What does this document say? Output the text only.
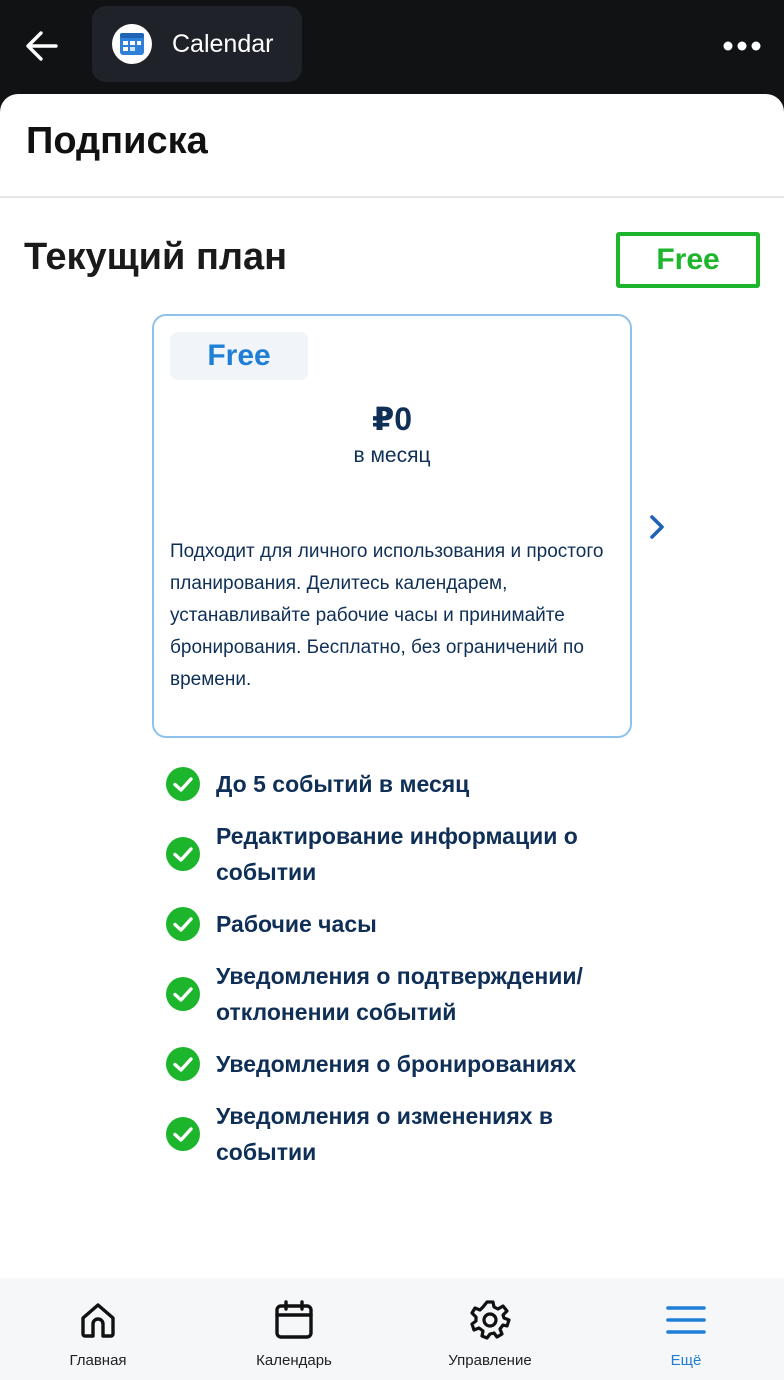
Calendar
Подписка
Текущий план	Free
Free
₽0
в месяц

Подходит для личного использования и простого планирования. Делитесь календарем, устанавливайте рабочие часы и принимайте бронирования. Бесплатно, без ограничений по времени.

До 5 событий в месяц
Редактирование информации о событии
Рабочие часы
Уведомления о подтверждении/ отклонении событий
Уведомления о бронированиях
Уведомления о изменениях в событии
Главная	Календарь	Управление	Ещё
